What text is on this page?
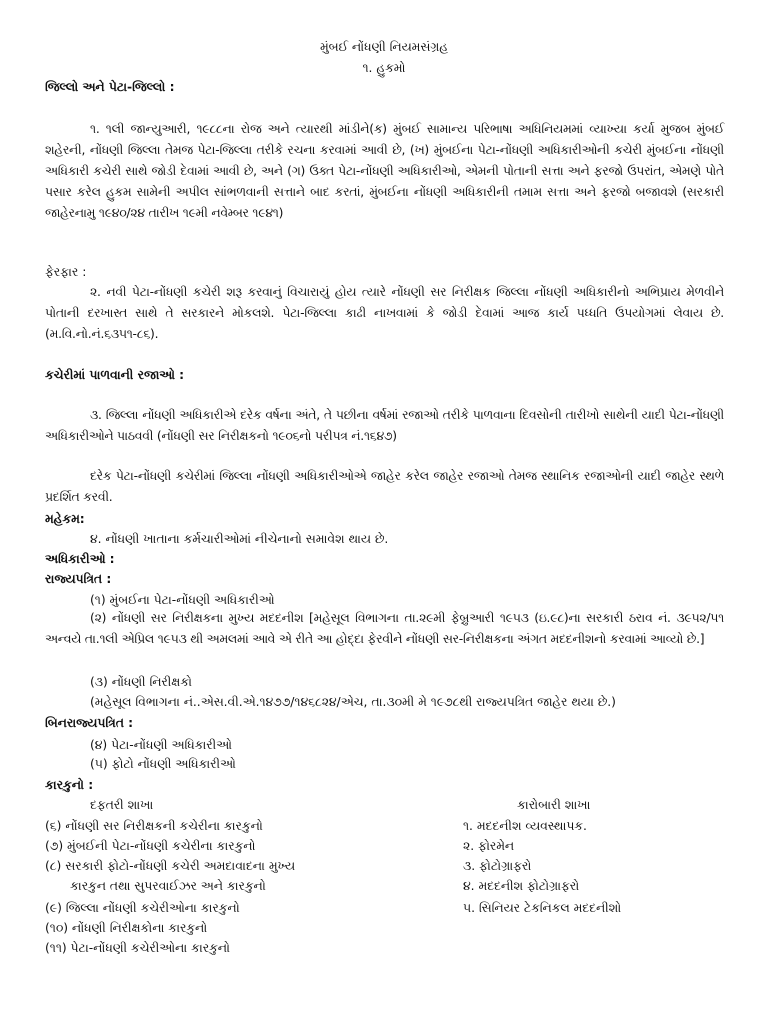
મુંબઈ નોંધણી નિયમસંગ્રહ
૧. હુકમો
જિલ્લો અને પેટા-જિલ્લો :
૧. ૧લી જાન્યુઆરી, ૧૯૮૮ના રોજ અને ત્યારથી માંડીને(ક) મુંબઈ સામાન્ય પરિભાષા અધિનિયમમાં વ્યાખ્યા કર્યા મુજબ મુંબઈ શહેરની, નોંધણી જિલ્લા તેમજ પેટા-જિલ્લા તરીકે રચના કરવામાં આવી છે, (ખ) મુંબઈના પેટા-નોંધણી અધિકારીઓની કચેરી મુંબઈના નોંધણી અધિકારી કચેરી સાથે જોડી દેવામાં આવી છે, અને (ગ) ઉક્ત પેટા-નોંધણી અધિકારીઓ, એમની પોતાની સત્તા અને ફરજો ઉપરાંત, એમણે પોતે પસાર કરેલ હુકમ સામેની અપીલ સાંભળવાની સત્તાને બાદ કરતાં, મુંબઈના નોંધણી અધિકારીની તમામ સત્તા અને ફરજો બજાવશે (સરકારી જાહેરનામુ ૧૯૪૦/૨૪ તારીખ ૧૯મી નવેમ્બર ૧૯૪૧)
ફેરફાર :
૨. નવી પેટા-નોંધણી કચેરી શરૂ કરવાનું વિચારાયું હોય ત્યારે નોંધણી સર નિરીક્ષક જિલ્લા નોંધણી અધિકારીનો અભિપ્રાય મેળવીને પોતાની દરખાસ્ત સાથે તે સરકારને મોકલશે. પેટા-જિલ્લા કાઢી નાખવામાં કે જોડી દેવામાં આજ કાર્ય પધ્ધતિ ઉપયોગમાં લેવાય છે. (મ.વિ.નો.નં.૬૩૫૧-૮૬).
કચેરીમાં પાળવાની રજાઓ :
૩. જિલ્લા નોંધણી અધિકારીએ દરેક વર્ષના અંતે, તે પછીના વર્ષમાં રજાઓ તરીકે પાળવાના દિવસોની તારીખો સાથેની યાદી પેટા-નોંધણી અધિકારીઓને પાઠવવી (નોંધણી સર નિરીક્ષકનો ૧૯૦૬નો પરીપત્ર નં.૧૬૪૭)
દરેક પેટા-નોંધણી કચેરીમાં જિલ્લા નોંધણી અધિકારીઓએ જાહેર કરેલ જાહેર રજાઓ તેમજ સ્થાનિક રજાઓની યાદી જાહેર સ્થળે પ્રદર્શિત કરવી.
મહેકમ:
૪. નોંધણી ખાતાના કર્મચારીઓમાં નીચેનાનો સમાવેશ થાય છે.
અધિકારીઓ :
રાજ્યપત્રિત :
(૧) મુંબઈના પેટા-નોંધણી અધિકારીઓ
(૨) નોંધણી સર નિરીક્ષકના મુખ્ય મદદનીશ [મહેસૂલ વિભાગના તા.૨૯મી ફેબ્રુઆરી ૧૯૫૩ (ઇ.૯૮)ના સરકારી ઠરાવ નં. ૩૯૫૨/૫૧ અન્વયે તા.૧લી એપ્રિલ ૧૯૫૩ થી અમલમાં આવે એ રીતે આ હોદ્દા ફેરવીને નોંધણી સર-નિરીક્ષકના અંગત મદદનીશનો કરવામાં આવ્યો છે.]
(૩) નોંધણી નિરીક્ષકો
(મહેસૂલ વિભાગના નં..એસ.વી.એ.૧૪૭૭/૧૪૬૮૨૪/એચ, તા.૩૦મી મે ૧૯૭૮થી રાજ્યપત્રિત જાહેર થયા છે.)
બિનરાજ્યપત્રિત :
(૪) પેટા-નોંધણી અધિકારીઓ
(૫) ફોટો નોંધણી અધિકારીઓ
કારકુનો :
દફતરી શાખા	કારોબારી શાખા
(૬) નોંધણી સર નિરીક્ષકની કચેરીના કારકુનો
(૭) મુંબઈની પેટા-નોંધણી કચેરીના કારકુનો
(૮) સરકારી ફોટો-નોંધણી કચેરી અમદાવાદના મુખ્ય
કારકુન તથા સુપરવાઈઝર અને કારકુનો
(૯) જિલ્લા નોંધણી કચેરીઓના કારકુનો
(૧૦) નોંધણી નિરીક્ષકોના કારકુનો
(૧૧) પેટા-નોંધણી કચેરીઓના કારકુનો
૧. મદદનીશ વ્યવસ્થાપક.
૨. ફોરમેન
૩. ફોટોગ્રાફરો
૪. મદદનીશ ફોટોગ્રાફરો
૫. સિનિયર ટેકનિકલ મદદનીશો
